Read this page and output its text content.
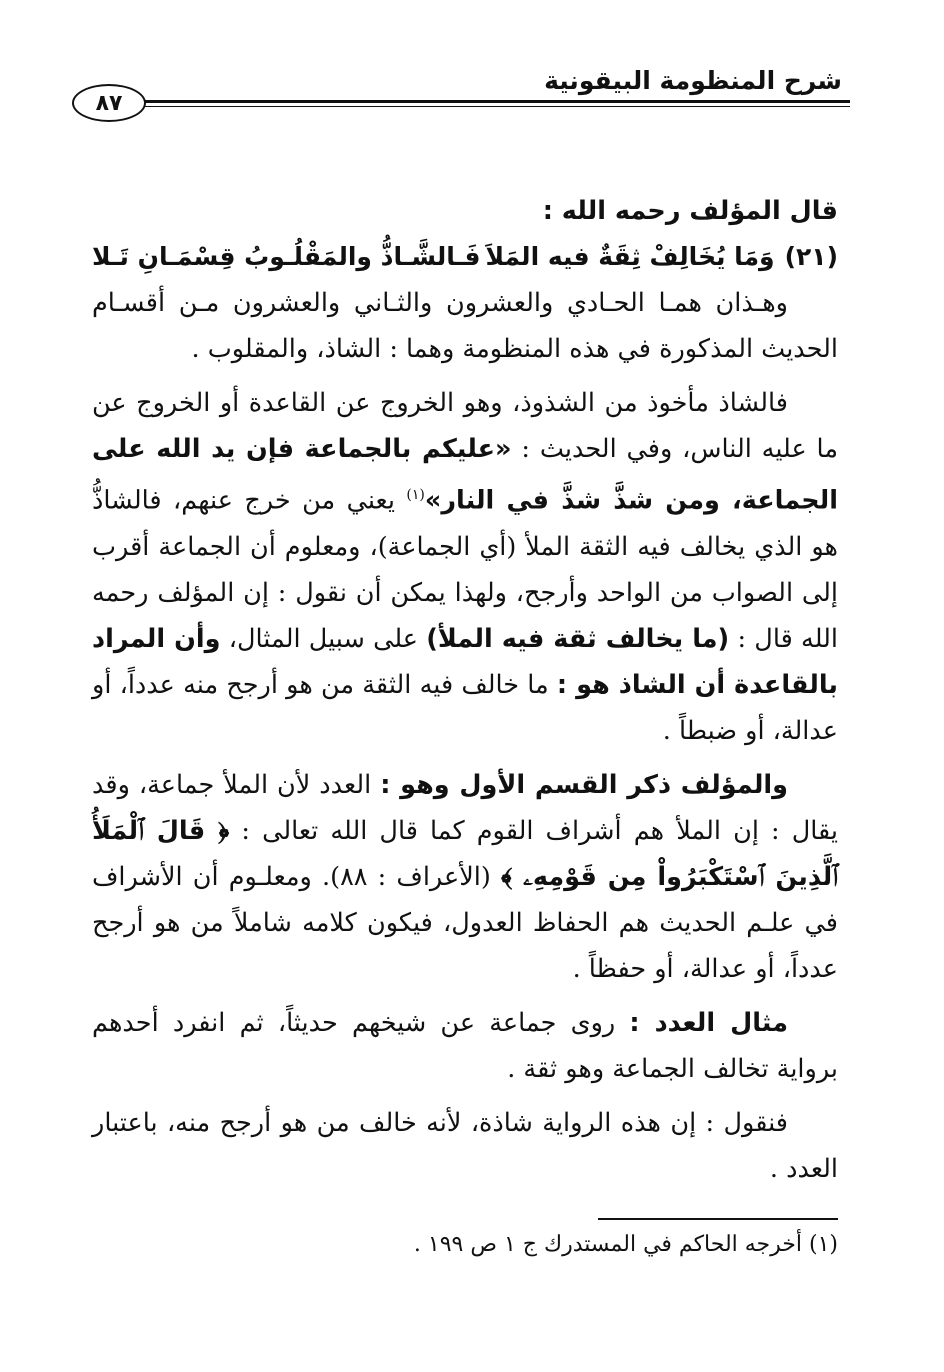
شرح المنظومة البيقونية
٨٧

قال المؤلف رحمه الله :

(٢١)وَمَا يُخَالِفْ ثِقَةٌ فيه المَلاَ
فَـالشَّـاذُّ والمَقْلُـوبُ قِسْمَـانِ تَـلا

وهـذان همـا الحـادي والعشرون والثـاني والعشرون مـن أقسـام الحديث المذكورة في هذه المنظومة وهما : الشاذ، والمقلوب .

فالشاذ مأخوذ من الشذوذ، وهو الخروج عن القاعدة أو الخروج عن ما عليه الناس، وفي الحديث : «عليكم بالجماعة فإن يد الله على الجماعة، ومن شذَّ شذَّ في النار»$^{(١)}$ يعني من خرج عنهم، فالشاذُّ هو الذي يخالف فيه الثقة الملأ (أي الجماعة)، ومعلوم أن الجماعة أقرب إلى الصواب من الواحد وأرجح، ولهذا يمكن أن نقول : إن المؤلف رحمه الله قال : (ما يخالف ثقة فيه الملأ) على سبيل المثال، وأن المراد بالقاعدة أن الشاذ هو : ما خالف فيه الثقة من هو أرجح منه عدداً، أو عدالة، أو ضبطاً .

والمؤلف ذكر القسم الأول وهو : العدد لأن الملأ جماعة، وقد يقال : إن الملأ هم أشراف القوم كما قال الله تعالى : ﴿ قَالَ ٱلْمَلَأُ ٱلَّذِينَ ٱسْتَكْبَرُواْ مِن قَوْمِهِۦ ﴾ (الأعراف : ٨٨). ومعلـوم أن الأشراف في علـم الحديث هم الحفاظ العدول، فيكون كلامه شاملاً من هو أرجح عدداً، أو عدالة، أو حفظاً .

مثال العدد : روى جماعة عن شيخهم حديثاً، ثم انفرد أحدهم برواية تخالف الجماعة وهو ثقة .

فنقول : إن هذه الرواية شاذة، لأنه خالف من هو أرجح منه، باعتبار العدد .

(١) أخرجه الحاكم في المستدرك ج ١ ص ١٩٩ .
